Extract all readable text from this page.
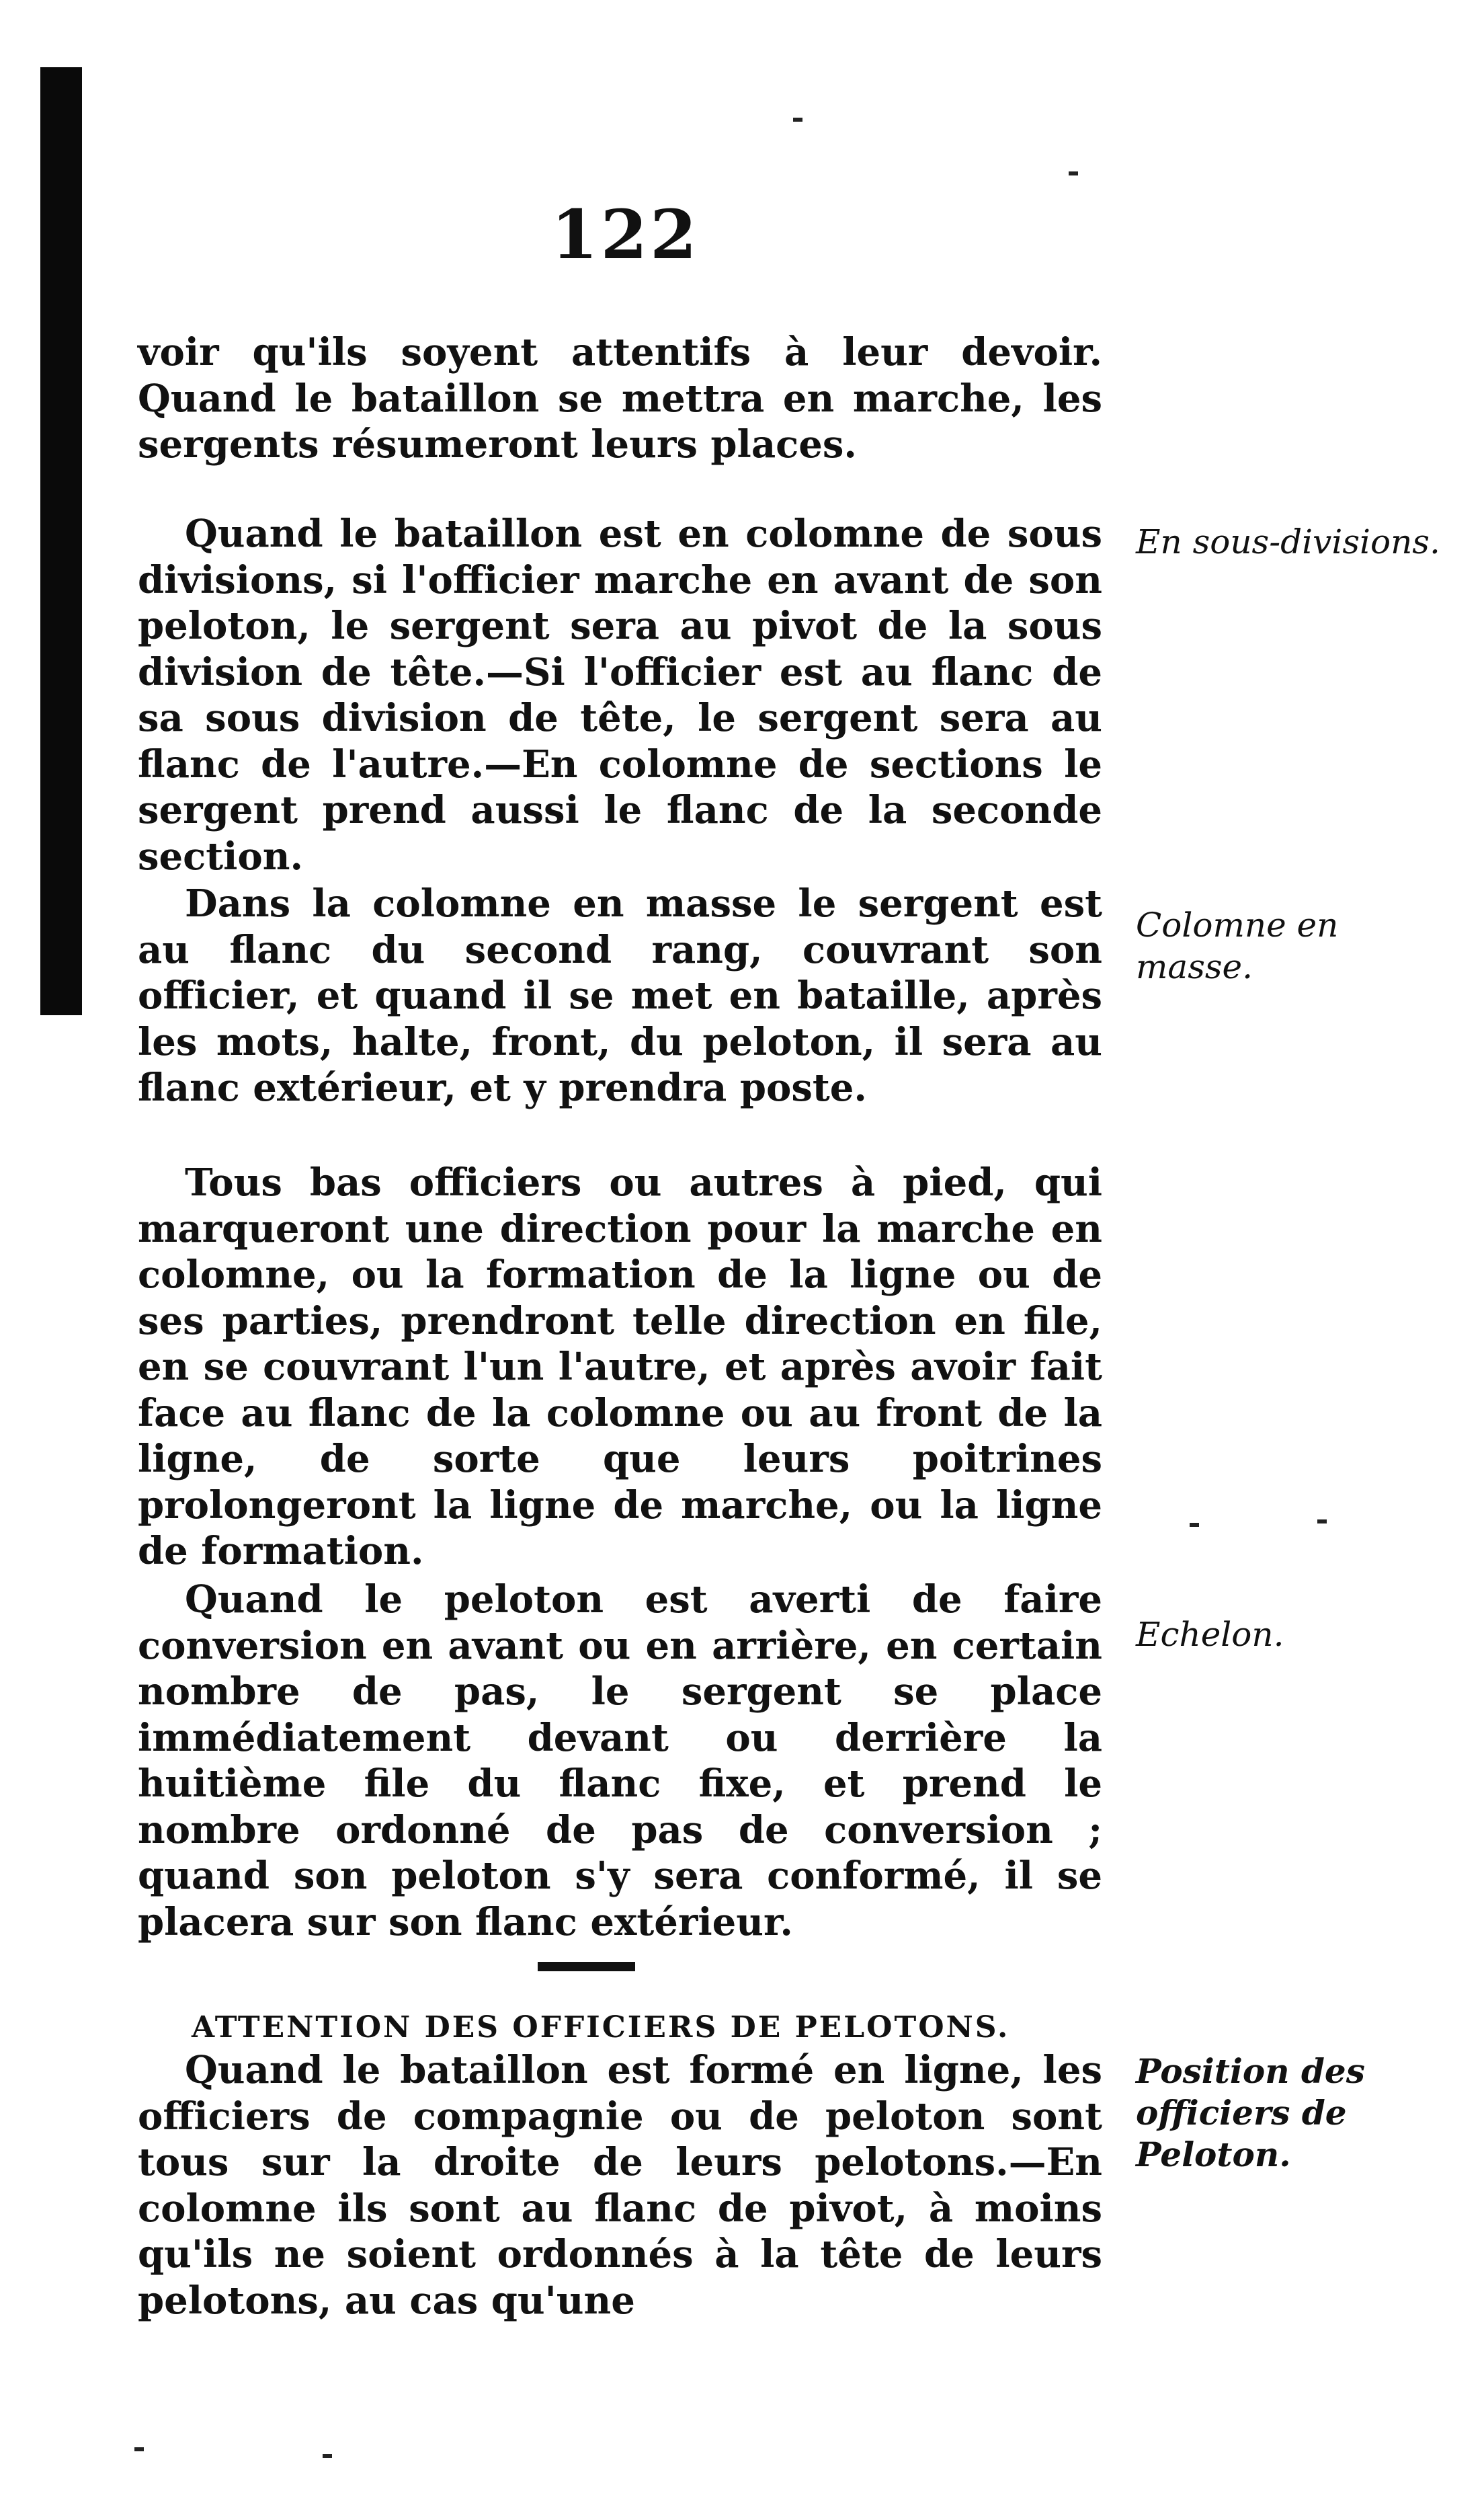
122

voir qu'ils soyent attentifs à leur devoir. Quand le bataillon se mettra en marche, les sergents résumeront leurs places.

Quand le bataillon est en colomne de sous divisions, si l'officier marche en avant de son peloton, le sergent sera au pivot de la sous division de tête.—Si l'officier est au flanc de sa sous division de tête, le sergent sera au flanc de l'autre.—En colomne de sections le sergent prend aussi le flanc de la seconde section.

Dans la colomne en masse le sergent est au flanc du second rang, couvrant son officier, et quand il se met en bataille, après les mots, halte, front, du peloton, il sera au flanc extérieur, et y prendra poste.

Tous bas officiers ou autres à pied, qui marqueront une direction pour la marche en colomne, ou la formation de la ligne ou de ses parties, prendront telle direction en file, en se couvrant l'un l'autre, et après avoir fait face au flanc de la colomne ou au front de la ligne, de sorte que leurs poitrines prolongeront la ligne de marche, ou la ligne de formation.

Quand le peloton est averti de faire conversion en avant ou en arrière, en certain nombre de pas, le sergent se place immédiatement devant ou derrière la huitième file du flanc fixe, et prend le nombre ordonné de pas de conversion ; quand son peloton s'y sera conformé, il se placera sur son flanc extérieur.

ATTENTION DES OFFICIERS DE PELOTONS.

Quand le bataillon est formé en ligne, les officiers de compagnie ou de peloton sont tous sur la droite de leurs pelotons.—En colomne ils sont au flanc de pivot, à moins qu'ils ne soient ordonnés à la tête de leurs pelotons, au cas qu'une

En sous-divisions.
Colomne en masse.
Echelon.
Position des officiers de Peloton.
